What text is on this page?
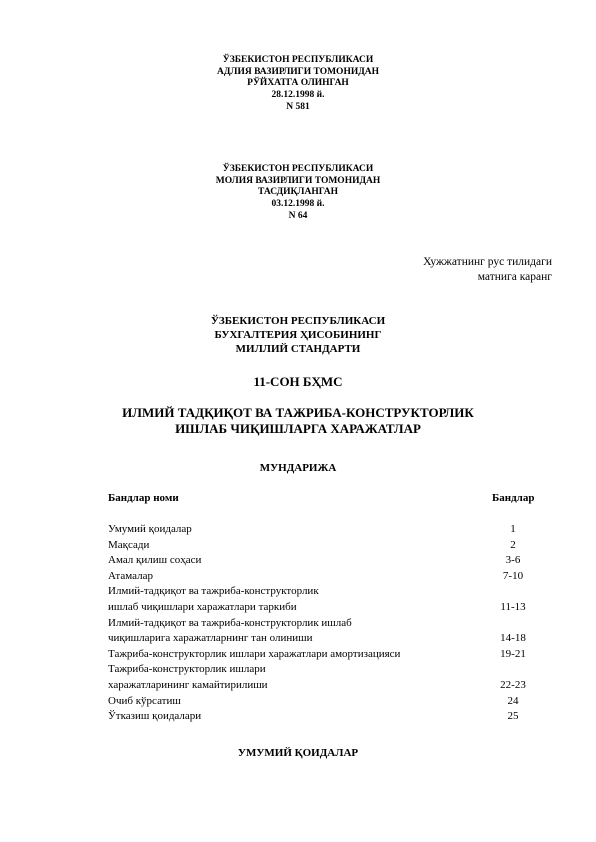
ЎЗБЕКИСТОН РЕСПУБЛИКАСИ
АДЛИЯ ВАЗИРЛИГИ ТОМОНИДАН
РЎЙХАТГА ОЛИНГАН
28.12.1998 й.
N 581
ЎЗБЕКИСТОН РЕСПУБЛИКАСИ
МОЛИЯ ВАЗИРЛИГИ ТОМОНИДАН
ТАСДИҚЛАНГАН
03.12.1998 й.
N 64
Хужжатнинг рус тилидаги
матнига каранг
ЎЗБЕКИСТОН РЕСПУБЛИКАСИ
БУХГАЛТЕРИЯ ҲИСОБИНИНГ
МИЛЛИЙ СТАНДАРТИ
11-СОН БҲМС
ИЛМИЙ ТАДҚИҚОТ ВА ТАЖРИБА-КОНСТРУКТОРЛИК
ИШЛАБ ЧИҚИШЛАРГА ХАРАЖАТЛАР
МУНДАРИЖА
Бандлар номи	Бандлар
Умумий қоидалар	1
Мақсади	2
Амал қилиш соҳаси	3-6
Атамалар	7-10
Илмий-тадқиқот ва тажриба-конструкторлик
ишлаб чиқишлари харажатлари таркиби	11-13
Илмий-тадқиқот ва тажриба-конструкторлик ишлаб
чиқишларига харажатларнинг тан олиниши	14-18
Тажриба-конструкторлик ишлари харажатлари амортизацияси	19-21
Тажриба-конструкторлик ишлари
харажатларининг камайтирилиши	22-23
Очиб кўрсатиш	24
Ўтказиш қоидалари	25
УМУМИЙ ҚОИДАЛАР
